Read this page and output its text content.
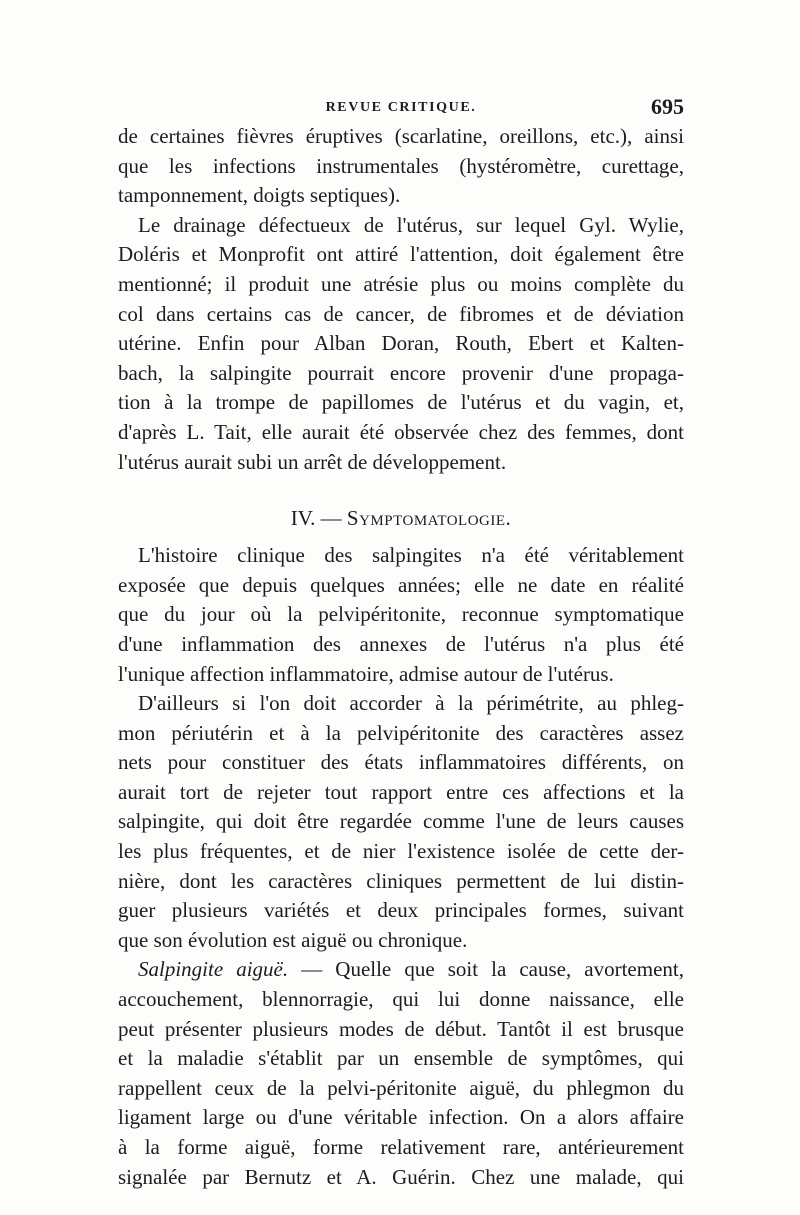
REVUE CRITIQUE.	695
de certaines fièvres éruptives (scarlatine, oreillons, etc.), ainsi
que les infections instrumentales (hystéromètre, curettage,
tamponnement, doigts septiques).
Le drainage défectueux de l'utérus, sur lequel Gyl. Wylie,
Doléris et Monprofit ont attiré l'attention, doit également être
mentionné; il produit une atrésie plus ou moins complète du
col dans certains cas de cancer, de fibromes et de déviation
utérine. Enfin pour Alban Doran, Routh, Ebert et Kalten-
bach, la salpingite pourrait encore provenir d'une propaga-
tion à la trompe de papillomes de l'utérus et du vagin, et,
d'après L. Tait, elle aurait été observée chez des femmes, dont
l'utérus aurait subi un arrêt de développement.
IV. — Symptomatologie.
L'histoire clinique des salpingites n'a été véritablement
exposée que depuis quelques années; elle ne date en réalité
que du jour où la pelvipéritonite, reconnue symptomatique
d'une inflammation des annexes de l'utérus n'a plus été
l'unique affection inflammatoire, admise autour de l'utérus.
D'ailleurs si l'on doit accorder à la périmétrite, au phleg-
mon périutérin et à la pelvipéritonite des caractères assez
nets pour constituer des états inflammatoires différents, on
aurait tort de rejeter tout rapport entre ces affections et la
salpingite, qui doit être regardée comme l'une de leurs causes
les plus fréquentes, et de nier l'existence isolée de cette der-
nière, dont les caractères cliniques permettent de lui distin-
guer plusieurs variétés et deux principales formes, suivant
que son évolution est aiguë ou chronique.
Salpingite aiguë. — Quelle que soit la cause, avortement,
accouchement, blennorragie, qui lui donne naissance, elle
peut présenter plusieurs modes de début. Tantôt il est brusque
et la maladie s'établit par un ensemble de symptômes, qui
rappellent ceux de la pelvi-péritonite aiguë, du phlegmon du
ligament large ou d'une véritable infection. On a alors affaire
à la forme aiguë, forme relativement rare, antérieurement
signalée par Bernutz et A. Guérin. Chez une malade, qui
